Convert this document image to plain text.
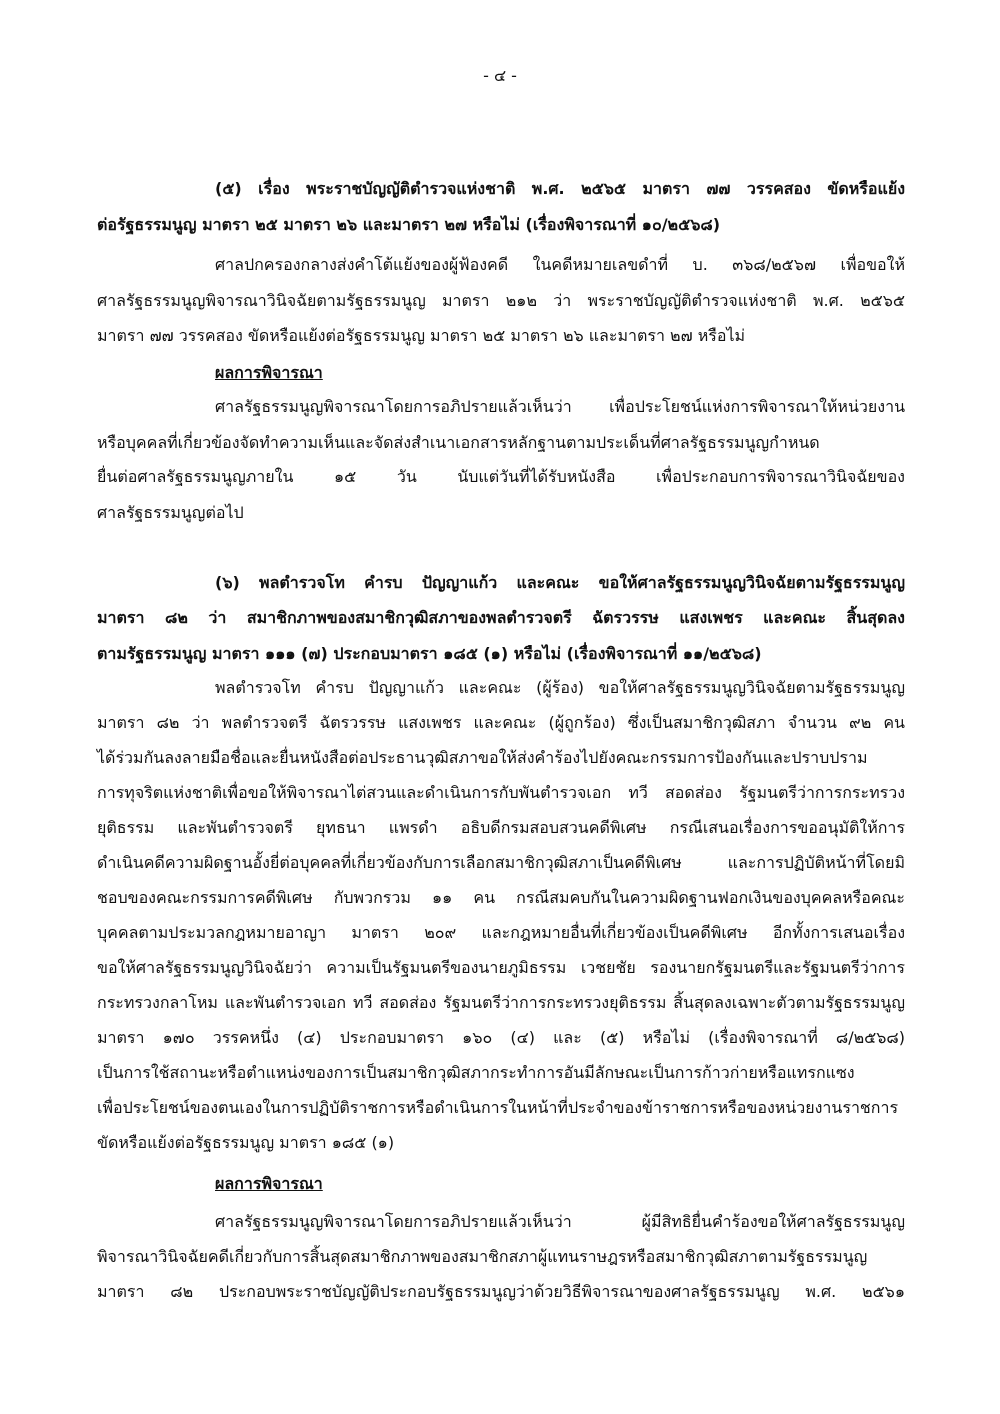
- ๔ -
(๕) เรื่อง พระราชบัญญัติตำรวจแห่งชาติ พ.ศ. ๒๕๖๕ มาตรา ๗๗ วรรคสอง ขัดหรือแย้ง
ต่อรัฐธรรมนูญ มาตรา ๒๕ มาตรา ๒๖ และมาตรา ๒๗ หรือไม่ (เรื่องพิจารณาที่ ๑๐/๒๕๖๘)
ศาลปกครองกลางส่งคำโต้แย้งของผู้ฟ้องคดี ในคดีหมายเลขดำที่ บ. ๓๖๘/๒๕๖๗ เพื่อขอให้
ศาลรัฐธรรมนูญพิจารณาวินิจฉัยตามรัฐธรรมนูญ มาตรา ๒๑๒ ว่า พระราชบัญญัติตำรวจแห่งชาติ พ.ศ. ๒๕๖๕
มาตรา ๗๗ วรรคสอง ขัดหรือแย้งต่อรัฐธรรมนูญ มาตรา ๒๕ มาตรา ๒๖ และมาตรา ๒๗ หรือไม่
ผลการพิจารณา
ศาลรัฐธรรมนูญพิจารณาโดยการอภิปรายแล้วเห็นว่า เพื่อประโยชน์แห่งการพิจารณาให้หน่วยงาน
หรือบุคคลที่เกี่ยวข้องจัดทำความเห็นและจัดส่งสำเนาเอกสารหลักฐานตามประเด็นที่ศาลรัฐธรรมนูญกำหนด
ยื่นต่อศาลรัฐธรรมนูญภายใน ๑๕ วัน นับแต่วันที่ได้รับหนังสือ เพื่อประกอบการพิจารณาวินิจฉัยของ
ศาลรัฐธรรมนูญต่อไป
(๖) พลตำรวจโท คำรบ ปัญญาแก้ว และคณะ ขอให้ศาลรัฐธรรมนูญวินิจฉัยตามรัฐธรรมนูญ
มาตรา ๘๒ ว่า สมาชิกภาพของสมาชิกวุฒิสภาของพลตำรวจตรี ฉัตรวรรษ แสงเพชร และคณะ สิ้นสุดลง
ตามรัฐธรรมนูญ มาตรา ๑๑๑ (๗) ประกอบมาตรา ๑๘๕ (๑) หรือไม่ (เรื่องพิจารณาที่ ๑๑/๒๕๖๘)
พลตำรวจโท คำรบ ปัญญาแก้ว และคณะ (ผู้ร้อง) ขอให้ศาลรัฐธรรมนูญวินิจฉัยตามรัฐธรรมนูญ
มาตรา ๘๒ ว่า พลตำรวจตรี ฉัตรวรรษ แสงเพชร และคณะ (ผู้ถูกร้อง) ซึ่งเป็นสมาชิกวุฒิสภา จำนวน ๙๒ คน
ได้ร่วมกันลงลายมือชื่อและยื่นหนังสือต่อประธานวุฒิสภาขอให้ส่งคำร้องไปยังคณะกรรมการป้องกันและปราบปราม
การทุจริตแห่งชาติเพื่อขอให้พิจารณาไต่สวนและดำเนินการกับพันตำรวจเอก ทวี สอดส่อง รัฐมนตรีว่าการกระทรวง
ยุติธรรม และพันตำรวจตรี ยุทธนา แพรดำ อธิบดีกรมสอบสวนคดีพิเศษ กรณีเสนอเรื่องการขออนุมัติให้การ
ดำเนินคดีความผิดฐานอั้งยี่ต่อบุคคลที่เกี่ยวข้องกับการเลือกสมาชิกวุฒิสภาเป็นคดีพิเศษ และการปฏิบัติหน้าที่โดยมิ
ชอบของคณะกรรมการคดีพิเศษ กับพวกรวม ๑๑ คน กรณีสมคบกันในความผิดฐานฟอกเงินของบุคคลหรือคณะ
บุคคลตามประมวลกฎหมายอาญา มาตรา ๒๐๙ และกฎหมายอื่นที่เกี่ยวข้องเป็นคดีพิเศษ อีกทั้งการเสนอเรื่อง
ขอให้ศาลรัฐธรรมนูญวินิจฉัยว่า ความเป็นรัฐมนตรีของนายภูมิธรรม เวชยชัย รองนายกรัฐมนตรีและรัฐมนตรีว่าการ
กระทรวงกลาโหม และพันตำรวจเอก ทวี สอดส่อง รัฐมนตรีว่าการกระทรวงยุติธรรม สิ้นสุดลงเฉพาะตัวตามรัฐธรรมนูญ
มาตรา ๑๗๐ วรรคหนึ่ง (๔) ประกอบมาตรา ๑๖๐ (๔) และ (๕) หรือไม่ (เรื่องพิจารณาที่ ๘/๒๕๖๘)
เป็นการใช้สถานะหรือตำแหน่งของการเป็นสมาชิกวุฒิสภากระทำการอันมีลักษณะเป็นการก้าวก่ายหรือแทรกแซง
เพื่อประโยชน์ของตนเองในการปฏิบัติราชการหรือดำเนินการในหน้าที่ประจำของข้าราชการหรือของหน่วยงานราชการ
ขัดหรือแย้งต่อรัฐธรรมนูญ มาตรา ๑๘๕ (๑)
ผลการพิจารณา
ศาลรัฐธรรมนูญพิจารณาโดยการอภิปรายแล้วเห็นว่า ผู้มีสิทธิยื่นคำร้องขอให้ศาลรัฐธรรมนูญ
พิจารณาวินิจฉัยคดีเกี่ยวกับการสิ้นสุดสมาชิกภาพของสมาชิกสภาผู้แทนราษฎรหรือสมาชิกวุฒิสภาตามรัฐธรรมนูญ
มาตรา ๘๒ ประกอบพระราชบัญญัติประกอบรัฐธรรมนูญว่าด้วยวิธีพิจารณาของศาลรัฐธรรมนูญ พ.ศ. ๒๕๖๑
